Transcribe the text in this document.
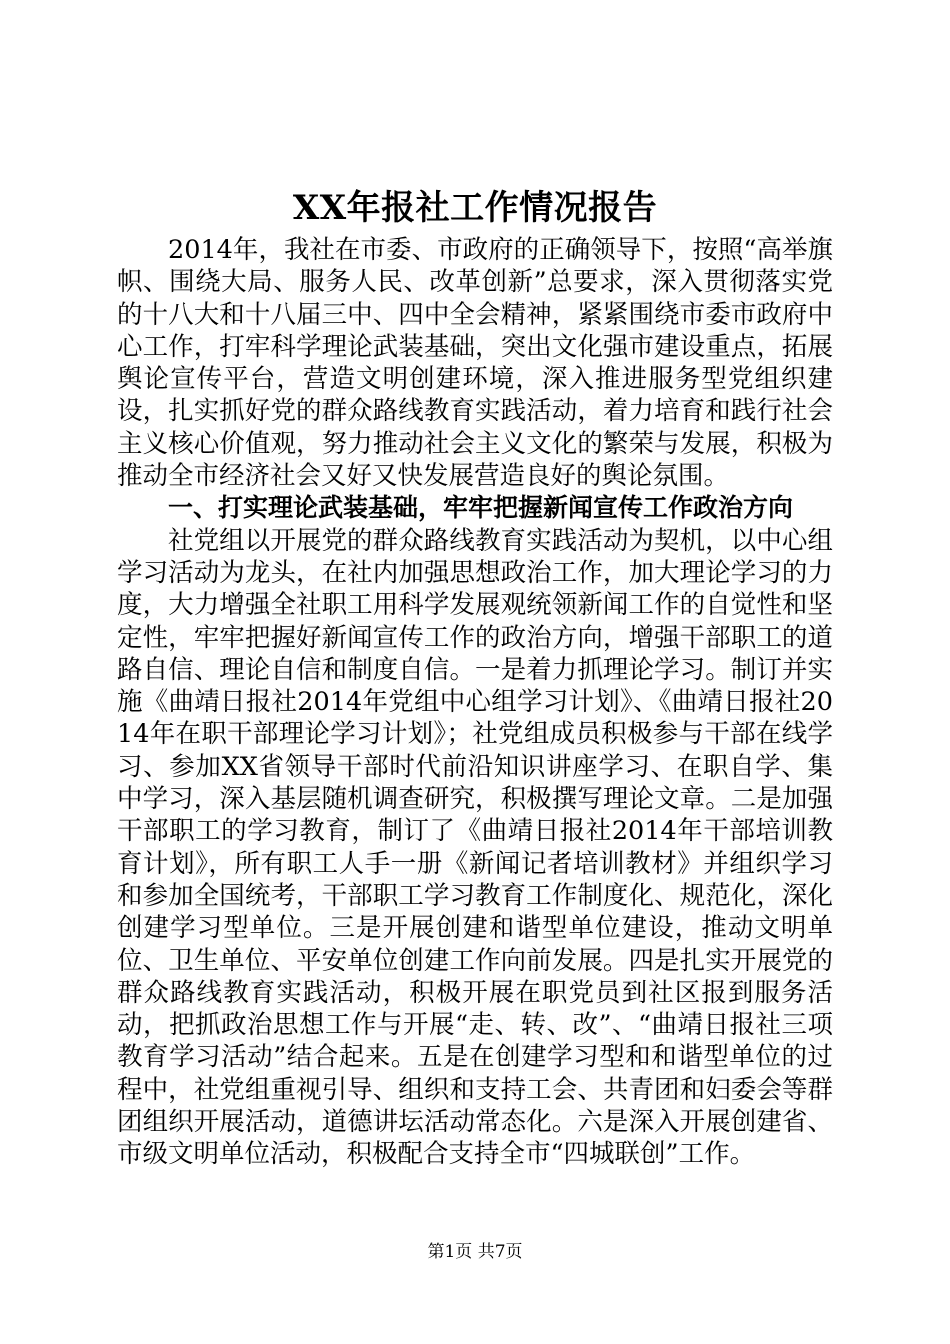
XX年报社工作情况报告

2014年，我社在市委、市政府的正确领导下，按照“高举旗帜、围绕大局、服务人民、改革创新”总要求，深入贯彻落实党的十八大和十八届三中、四中全会精神，紧紧围绕市委市政府中心工作，打牢科学理论武装基础，突出文化强市建设重点，拓展舆论宣传平台，营造文明创建环境，深入推进服务型党组织建设，扎实抓好党的群众路线教育实践活动，着力培育和践行社会主义核心价值观，努力推动社会主义文化的繁荣与发展，积极为推动全市经济社会又好又快发展营造良好的舆论氛围。

一、打实理论武装基础，牢牢把握新闻宣传工作政治方向

社党组以开展党的群众路线教育实践活动为契机，以中心组学习活动为龙头，在社内加强思想政治工作，加大理论学习的力度，大力增强全社职工用科学发展观统领新闻工作的自觉性和坚定性，牢牢把握好新闻宣传工作的政治方向，增强干部职工的道路自信、理论自信和制度自信。一是着力抓理论学习。制订并实施《曲靖日报社2014年党组中心组学习计划》、《曲靖日报社2014年在职干部理论学习计划》；社党组成员积极参与干部在线学习、参加XX省领导干部时代前沿知识讲座学习、在职自学、集中学习，深入基层随机调查研究，积极撰写理论文章。二是加强干部职工的学习教育，制订了《曲靖日报社2014年干部培训教育计划》，所有职工人手一册《新闻记者培训教材》并组织学习和参加全国统考，干部职工学习教育工作制度化、规范化，深化创建学习型单位。三是开展创建和谐型单位建设，推动文明单位、卫生单位、平安单位创建工作向前发展。四是扎实开展党的群众路线教育实践活动，积极开展在职党员到社区报到服务活动，把抓政治思想工作与开展“走、转、改”、“曲靖日报社三项教育学习活动”结合起来。五是在创建学习型和和谐型单位的过程中，社党组重视引导、组织和支持工会、共青团和妇委会等群团组织开展活动，道德讲坛活动常态化。六是深入开展创建省、市级文明单位活动，积极配合支持全市“四城联创”工作。

第1页 共7页
